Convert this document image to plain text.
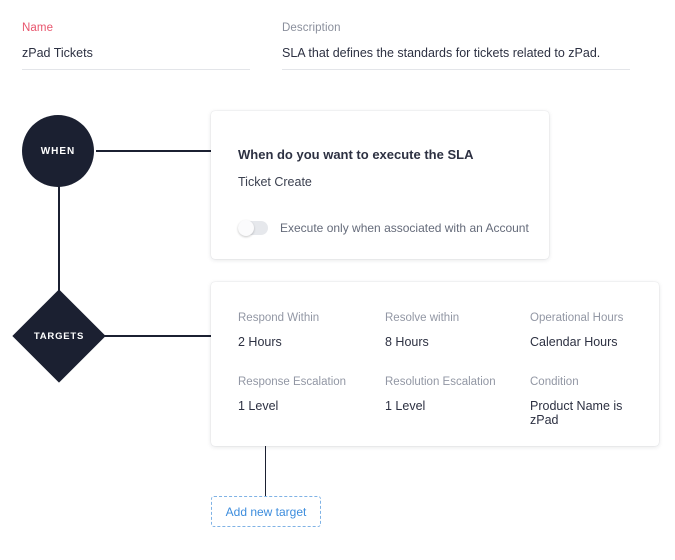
Name
zPad Tickets
Description
SLA that defines the standards for tickets related to zPad.
WHEN
TARGETS
When do you want to execute the SLA
Ticket Create
Execute only when associated with an Account
Respond Within
2 Hours
Resolve within
8 Hours
Operational Hours
Calendar Hours
Response Escalation
1 Level
Resolution Escalation
1 Level
Condition
Product Name is zPad
Add new target
